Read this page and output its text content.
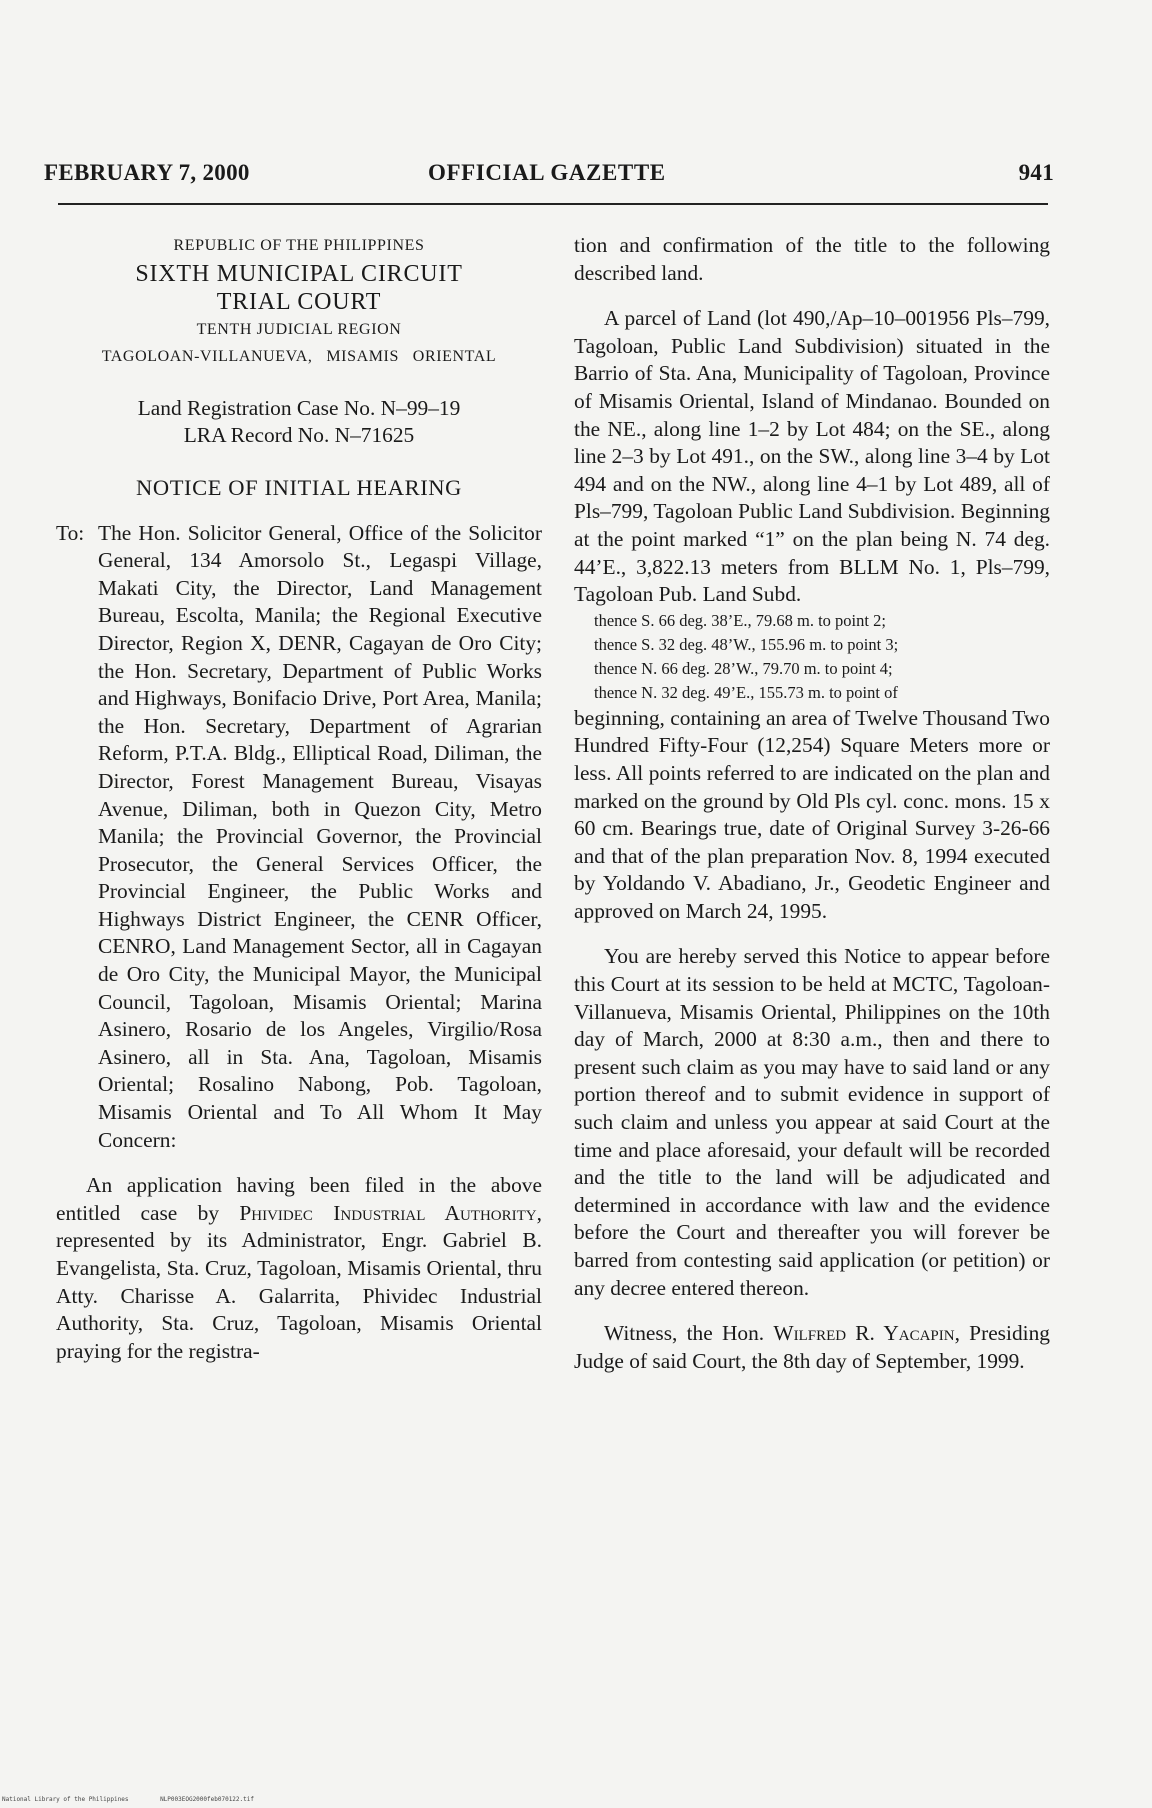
FEBRUARY 7, 2000	OFFICIAL GAZETTE	941
REPUBLIC OF THE PHILIPPINES
SIXTH MUNICIPAL CIRCUIT
TRIAL COURT
TENTH JUDICIAL REGION
TAGOLOAN-VILLANUEVA,   MISAMIS   ORIENTAL
Land Registration Case No. N–99–19
LRA Record No. N–71625
NOTICE OF INITIAL HEARING
To: The Hon. Solicitor General, Office of the Solicitor General, 134 Amorsolo St., Legaspi Village, Makati City, the Director, Land Management Bureau, Escolta, Manila; the Regional Executive Director, Region X, DENR, Cagayan de Oro City; the Hon. Secretary, Department of Public Works and Highways, Bonifacio Drive, Port Area, Manila; the Hon. Secretary, Department of Agrarian Reform, P.T.A. Bldg., Elliptical Road, Diliman, the Director, Forest Management Bureau, Visayas Avenue, Diliman, both in Quezon City, Metro Manila; the Provincial Governor, the Provincial Prosecutor, the General Services Officer, the Provincial Engineer, the Public Works and Highways District Engineer, the CENR Officer, CENRO, Land Management Sector, all in Cagayan de Oro City, the Municipal Mayor, the Municipal Council, Tagoloan, Misamis Oriental; Marina Asinero, Rosario de los Angeles, Virgilio/Rosa Asinero, all in Sta. Ana, Tagoloan, Misamis Oriental; Rosalino Nabong, Pob. Tagoloan, Misamis Oriental and To All Whom It May Concern:
An application having been filed in the above entitled case by Phividec Industrial Authority, represented by its Administrator, Engr. Gabriel B. Evangelista, Sta. Cruz, Tagoloan, Misamis Oriental, thru Atty. Charisse A. Galarrita, Phividec Industrial Authority, Sta. Cruz, Tagoloan, Misamis Oriental praying for the registra-
tion and confirmation of the title to the following described land.
A parcel of Land (lot 490,/Ap–10–001956 Pls–799, Tagoloan, Public Land Subdivision) situated in the Barrio of Sta. Ana, Municipality of Tagoloan, Province of Misamis Oriental, Island of Mindanao. Bounded on the NE., along line 1–2 by Lot 484; on the SE., along line 2–3 by Lot 491., on the SW., along line 3–4 by Lot 494 and on the NW., along line 4–1 by Lot 489, all of Pls–799, Tagoloan Public Land Subdivision. Beginning at the point marked “1” on the plan being N. 74 deg. 44’E., 3,822.13 meters from BLLM No. 1, Pls–799, Tagoloan Pub. Land Subd.
thence S. 66 deg. 38’E., 79.68 m. to point 2;
thence S. 32 deg. 48’W., 155.96 m. to point 3;
thence N. 66 deg. 28’W., 79.70 m. to point 4;
thence N. 32 deg. 49’E., 155.73 m. to point of
beginning, containing an area of Twelve Thousand Two Hundred Fifty-Four (12,254) Square Meters more or less. All points referred to are indicated on the plan and marked on the ground by Old Pls cyl. conc. mons. 15 x 60 cm. Bearings true, date of Original Survey 3-26-66 and that of the plan preparation Nov. 8, 1994 executed by Yoldando V. Abadiano, Jr., Geodetic Engineer and approved on March 24, 1995.
You are hereby served this Notice to appear before this Court at its session to be held at MCTC, Tagoloan-Villanueva, Misamis Oriental, Philippines on the 10th day of March, 2000 at 8:30 a.m., then and there to present such claim as you may have to said land or any portion thereof and to submit evidence in support of such claim and unless you appear at said Court at the time and place aforesaid, your default will be recorded and the title to the land will be adjudicated and determined in accordance with law and the evidence before the Court and thereafter you will forever be barred from contesting said application (or petition) or any decree entered thereon.
Witness, the Hon. Wilfred R. Yacapin, Presiding Judge of said Court, the 8th day of September, 1999.
National Library of the Philippines	NLP003EOG2000feb070122.tif
